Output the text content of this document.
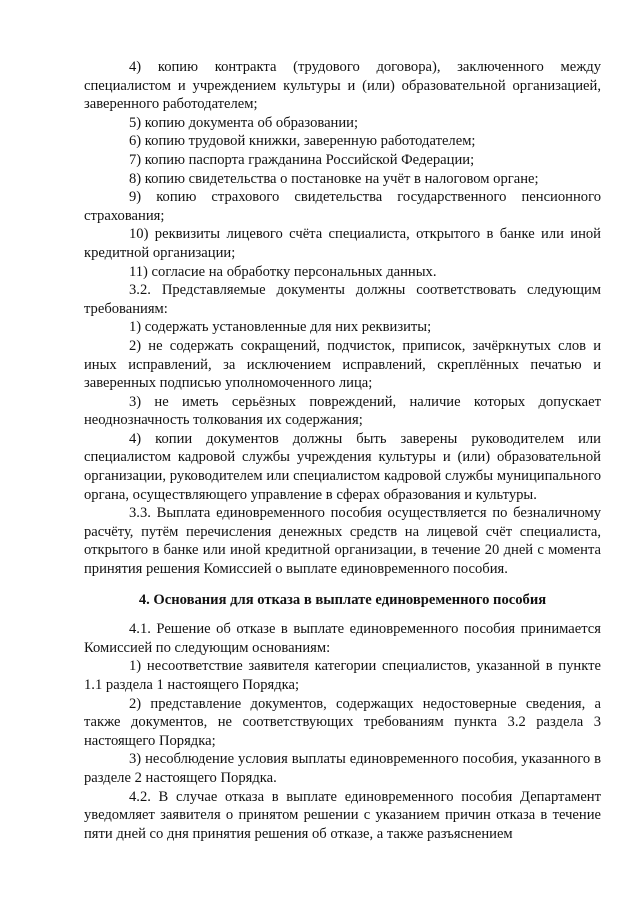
4) копию контракта (трудового договора), заключенного между специалистом и учреждением культуры и (или) образовательной организацией, заверенного работодателем;

5) копию документа об образовании;

6) копию трудовой книжки, заверенную работодателем;

7) копию паспорта гражданина Российской Федерации;

8) копию свидетельства о постановке на учёт в налоговом органе;

9) копию страхового свидетельства государственного пенсионного страхования;

10) реквизиты лицевого счёта специалиста, открытого в банке или иной кредитной организации;

11) согласие на обработку персональных данных.

3.2. Представляемые документы должны соответствовать следующим требованиям:

1) содержать установленные для них реквизиты;

2) не содержать сокращений, подчисток, приписок, зачёркнутых слов и иных исправлений, за исключением исправлений, скреплённых печатью и заверенных подписью уполномоченного лица;

3) не иметь серьёзных повреждений, наличие которых допускает неоднозначность толкования их содержания;

4) копии документов должны быть заверены руководителем или специалистом кадровой службы учреждения культуры и (или) образовательной организации, руководителем или специалистом кадровой службы муниципального органа, осуществляющего управление в сферах образования и культуры.

3.3. Выплата единовременного пособия осуществляется по безналичному расчёту, путём перечисления денежных средств на лицевой счёт специалиста, открытого в банке или иной кредитной организации, в течение 20 дней с момента принятия решения Комиссией о выплате единовременного пособия.

4. Основания для отказа в выплате единовременного пособия

4.1. Решение об отказе в выплате единовременного пособия принимается Комиссией по следующим основаниям:

1) несоответствие заявителя категории специалистов, указанной в пункте 1.1 раздела 1 настоящего Порядка;

2) представление документов, содержащих недостоверные сведения, а также документов, не соответствующих требованиям пункта 3.2 раздела 3 настоящего Порядка;

3) несоблюдение условия выплаты единовременного пособия, указанного в разделе 2 настоящего Порядка.

4.2. В случае отказа в выплате единовременного пособия Департамент уведомляет заявителя о принятом решении с указанием причин отказа в течение пяти дней со дня принятия решения об отказе, а также разъяснением
